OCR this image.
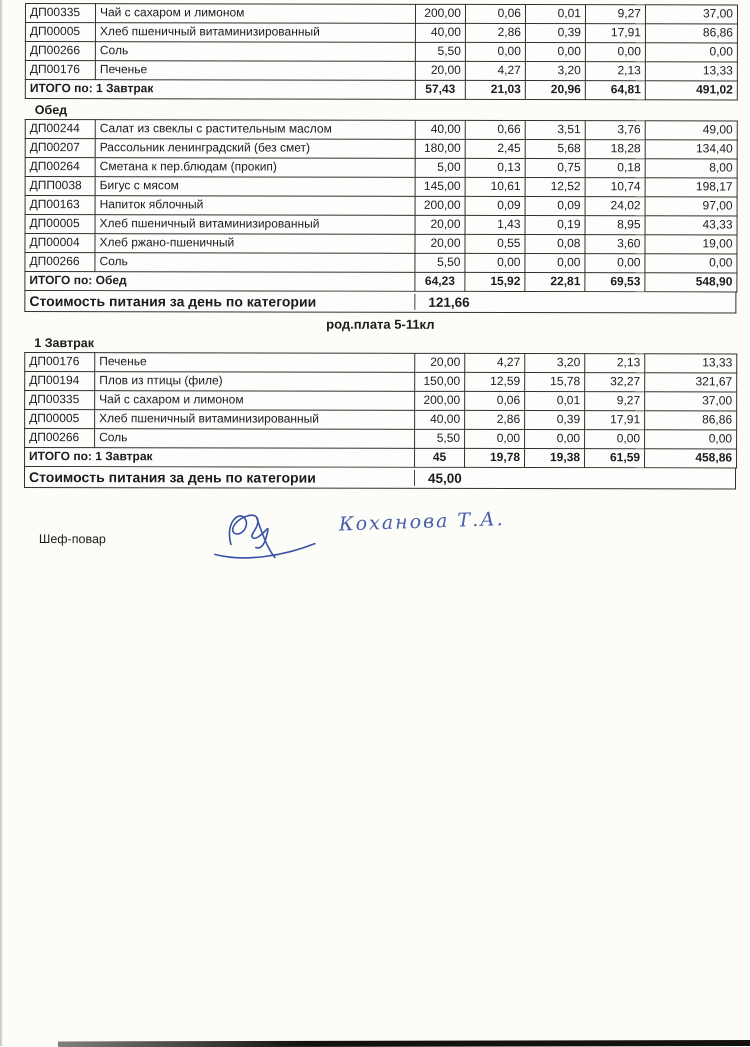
ДП00335	Чай с сахаром и лимоном	200,00	0,06	0,01	9,27	37,00
ДП00005	Хлеб пшеничный витаминизированный	40,00	2,86	0,39	17,91	86,86
ДП00266	Соль	5,50	0,00	0,00	0,00	0,00
ДП00176	Печенье	20,00	4,27	3,20	2,13	13,33
ИТОГО по: 1 Завтрак		57,43	21,03	20,96	64,81	491,02
Обед
ДП00244	Салат из свеклы с растительным маслом	40,00	0,66	3,51	3,76	49,00
ДП00207	Рассольник ленинградский (без смет)	180,00	2,45	5,68	18,28	134,40
ДП00264	Сметана к пер.блюдам (прокип)	5,00	0,13	0,75	0,18	8,00
ДПП0038	Бигус с мясом	145,00	10,61	12,52	10,74	198,17
ДП00163	Напиток яблочный	200,00	0,09	0,09	24,02	97,00
ДП00005	Хлеб пшеничный витаминизированный	20,00	1,43	0,19	8,95	43,33
ДП00004	Хлеб ржано-пшеничный	20,00	0,55	0,08	3,60	19,00
ДП00266	Соль	5,50	0,00	0,00	0,00	0,00
ИТОГО по: Обед		64,23	15,92	22,81	69,53	548,90
Стоимость питания за день по категории	121,66
род.плата 5-11кл
1 Завтрак
ДП00176	Печенье	20,00	4,27	3,20	2,13	13,33
ДП00194	Плов из птицы (филе)	150,00	12,59	15,78	32,27	321,67
ДП00335	Чай с сахаром и лимоном	200,00	0,06	0,01	9,27	37,00
ДП00005	Хлеб пшеничный витаминизированный	40,00	2,86	0,39	17,91	86,86
ДП00266	Соль	5,50	0,00	0,00	0,00	0,00
ИТОГО по: 1 Завтрак		45	19,78	19,38	61,59	458,86
Стоимость питания за день по категории	45,00
Шеф-повар
Коханова Т.А.
